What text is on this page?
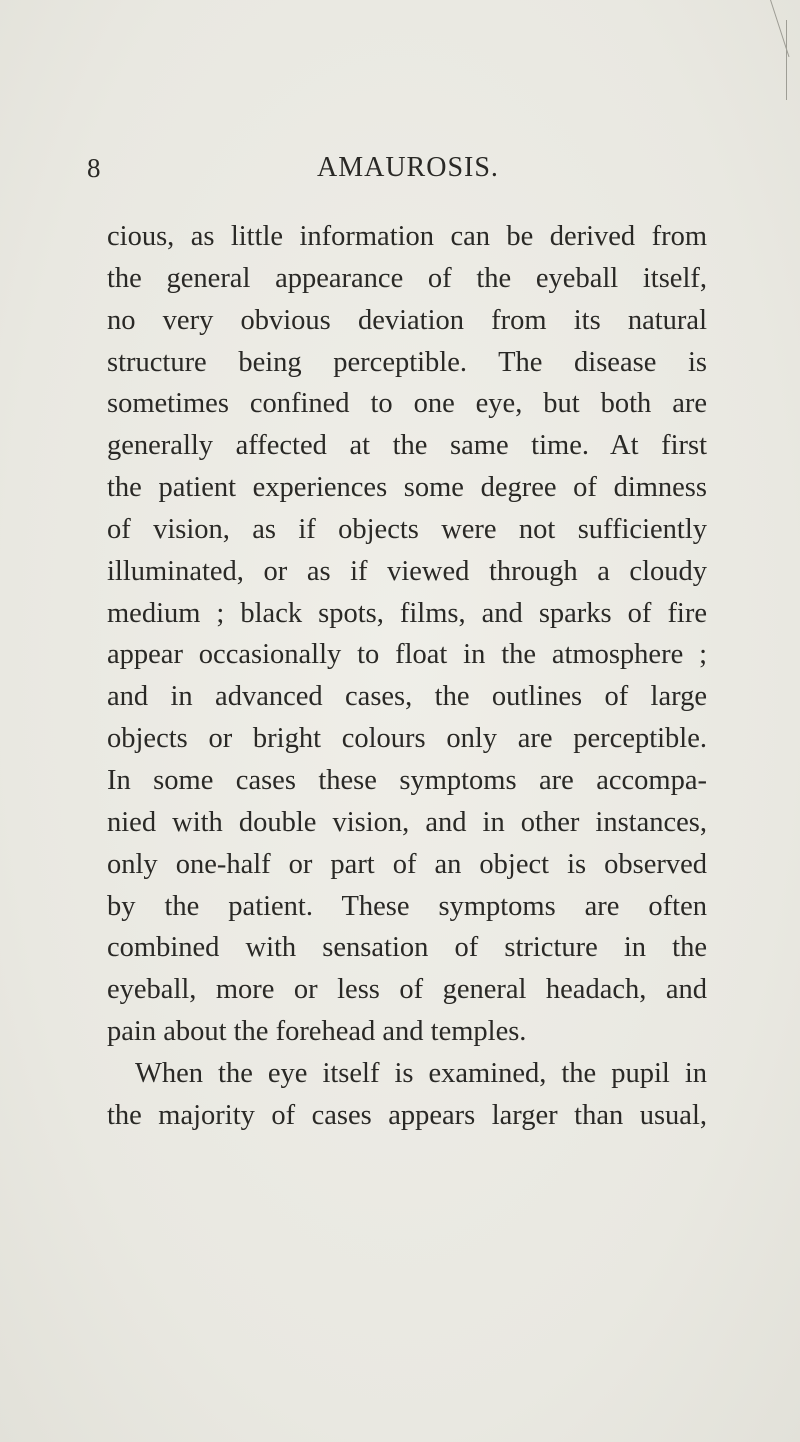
8	AMAUROSIS.
cious, as little information can be derived from
the general appearance of the eyeball itself,
no very obvious deviation from its natural
structure being perceptible. The disease is
sometimes confined to one eye, but both are
generally affected at the same time. At first
the patient experiences some degree of dimness
of vision, as if objects were not sufficiently
illuminated, or as if viewed through a cloudy
medium ; black spots, films, and sparks of fire
appear occasionally to float in the atmosphere ;
and in advanced cases, the outlines of large
objects or bright colours only are perceptible.
In some cases these symptoms are accompa-
nied with double vision, and in other instances,
only one-half or part of an object is observed
by the patient. These symptoms are often
combined with sensation of stricture in the
eyeball, more or less of general headach, and
pain about the forehead and temples.
When the eye itself is examined, the pupil in
the majority of cases appears larger than usual,
